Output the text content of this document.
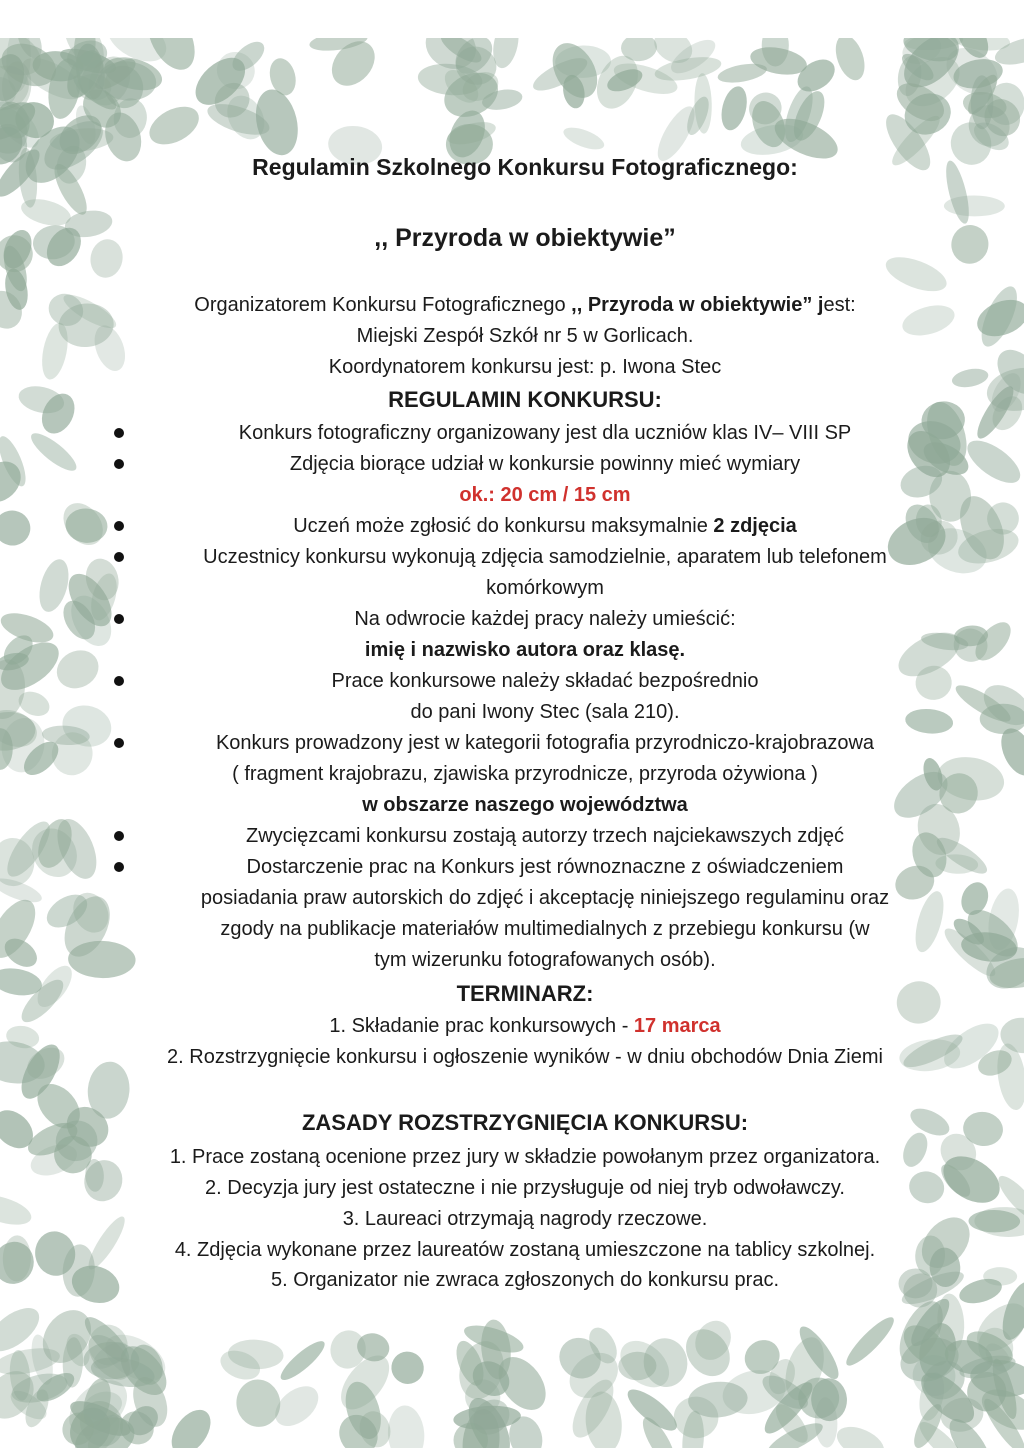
Regulamin Szkolnego Konkursu Fotograficznego:
,, Przyroda w obiektywie”
Organizatorem Konkursu Fotograficznego ,, Przyroda w obiektywie” jest:
Miejski Zespół Szkół nr 5 w Gorlicach.
Koordynatorem konkursu jest: p. Iwona Stec
REGULAMIN KONKURSU:
Konkurs fotograficzny organizowany jest dla uczniów klas IV– VIII SP
Zdjęcia biorące udział w konkursie powinny mieć wymiary
ok.: 20 cm / 15 cm
Uczeń może zgłosić do konkursu maksymalnie 2 zdjęcia
Uczestnicy konkursu wykonują zdjęcia samodzielnie, aparatem lub telefonem
komórkowym
Na odwrocie każdej pracy należy umieścić:
imię i nazwisko autora oraz klasę.
Prace konkursowe należy składać bezpośrednio
do pani Iwony Stec (sala 210).
Konkurs prowadzony jest w kategorii fotografia przyrodniczo-krajobrazowa
( fragment krajobrazu, zjawiska przyrodnicze, przyroda ożywiona )
w obszarze naszego województwa
Zwycięzcami konkursu zostają autorzy trzech najciekawszych zdjęć
Dostarczenie prac na Konkurs jest równoznaczne z oświadczeniem
posiadania praw autorskich do zdjęć i akceptację niniejszego regulaminu oraz
zgody na publikacje materiałów multimedialnych z przebiegu konkursu (w
tym wizerunku fotografowanych osób).
TERMINARZ:
1. Składanie prac konkursowych - 17 marca
2. Rozstrzygnięcie konkursu i ogłoszenie wyników - w dniu obchodów Dnia Ziemi
ZASADY ROZSTRZYGNIĘCIA KONKURSU:
1. Prace zostaną ocenione przez jury w składzie powołanym przez organizatora.
2. Decyzja jury jest ostateczne i nie przysługuje od niej tryb odwoławczy.
3. Laureaci otrzymają nagrody rzeczowe.
4. Zdjęcia wykonane przez laureatów zostaną umieszczone na tablicy szkolnej.
5. Organizator nie zwraca zgłoszonych do konkursu prac.
